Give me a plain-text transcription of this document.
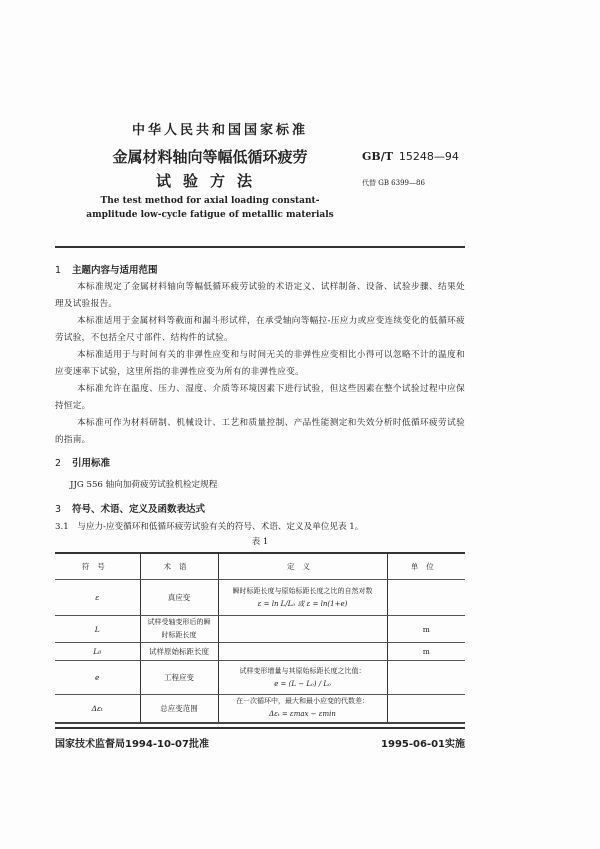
中华人民共和国国家标准
金属材料轴向等幅低循环疲劳
试验方法
The test method for axial loading constant-
amplitude low-cycle fatigue of metallic materials
GB/T 15248—94
代替 GB 6399—86
1 主题内容与适用范围
本标准规定了金属材料轴向等幅低循环疲劳试验的术语定义、试样制备、设备、试验步骤、结果处理及试验报告。
本标准适用于金属材料等截面和漏斗形试样，在承受轴向等幅拉-压应力或应变连续变化的低循环疲劳试验，不包括全尺寸部件、结构件的试验。
本标准适用于与时间有关的非弹性应变和与时间无关的非弹性应变相比小得可以忽略不计的温度和应变速率下试验，这里所指的非弹性应变为所有的非弹性应变。
本标准允许在温度、压力、湿度、介质等环境因素下进行试验，但这些因素在整个试验过程中应保持恒定。
本标准可作为材料研制、机械设计、工艺和质量控制、产品性能测定和失效分析时低循环疲劳试验的指南。
2 引用标准
JJG 556 轴向加荷疲劳试验机检定规程
3 符号、术语、定义及函数表达式
3.1　与应力-应变循环和低循环疲劳试验有关的符号、术语、定义及单位见表 1。
表 1
符号	术语	定义	单位
ε	真应变	瞬时标距长度与原始标距长度之比的自然对数
ε = ln L/L₀ 或 ε = ln(1+e)	

L	试样受轴变形后的瞬时标距长度		m
L₀	试样原始标距长度		m
e	工程应变	试样变形增量与其原始标距长度之比值：
e = (L − L₀) / L₀	

Δεₜ	总应变范围	在一次循环中，最大和最小应变的代数差：
Δεₜ = εmax − εmin	

国家技术监督局1994-10-07批准	1995-06-01实施
